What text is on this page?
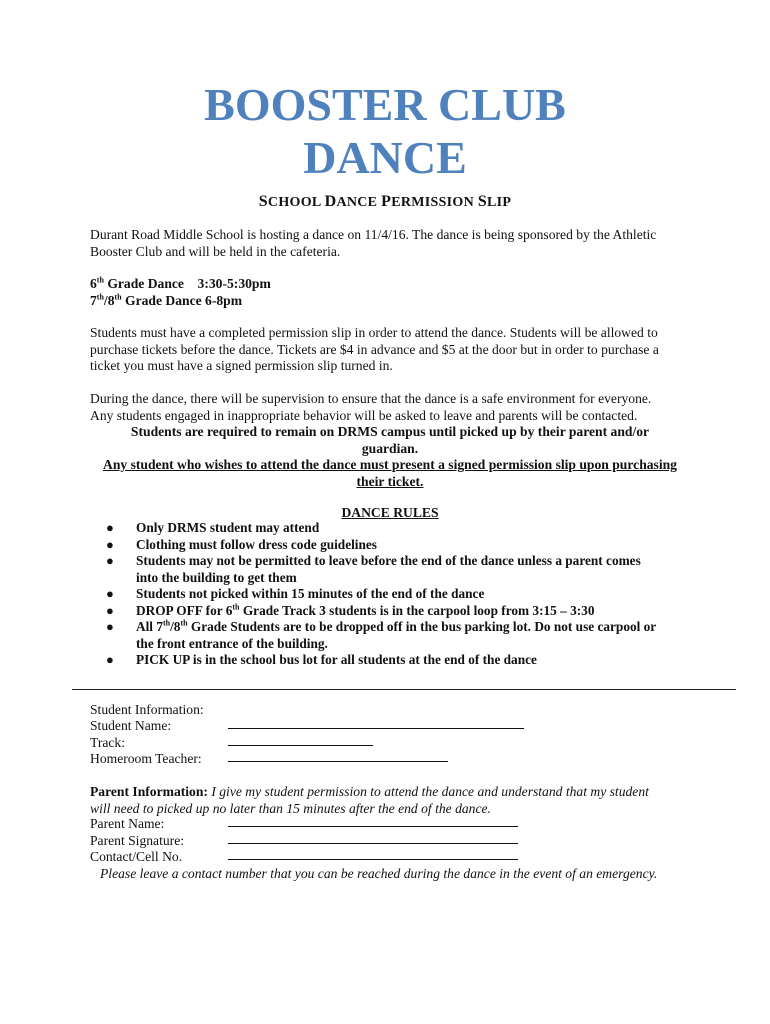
BOOSTER CLUB
DANCE
SCHOOL DANCE PERMISSION SLIP
Durant Road Middle School is hosting a dance on 11/4/16. The dance is being sponsored by the Athletic
Booster Club and will be held in the cafeteria.
6th Grade Dance    3:30-5:30pm
7th/8th Grade Dance 6-8pm
Students must have a completed permission slip in order to attend the dance. Students will be allowed to
purchase tickets before the dance. Tickets are $4 in advance and $5 at the door but in order to purchase a
ticket you must have a signed permission slip turned in.
During the dance, there will be supervision to ensure that the dance is a safe environment for everyone.
Any students engaged in inappropriate behavior will be asked to leave and parents will be contacted.
Students are required to remain on DRMS campus until picked up by their parent and/or
guardian.
Any student who wishes to attend the dance must present a signed permission slip upon purchasing
their ticket.
DANCE RULES
● Only DRMS student may attend
● Clothing must follow dress code guidelines
● Students may not be permitted to leave before the end of the dance unless a parent comes
into the building to get them
● Students not picked within 15 minutes of the end of the dance
● DROP OFF for 6th Grade Track 3 students is in the carpool loop from 3:15 – 3:30
● All 7th/8th Grade Students are to be dropped off in the bus parking lot. Do not use carpool or
the front entrance of the building.
● PICK UP is in the school bus lot for all students at the end of the dance
Student Information:
Student Name:
Track:
Homeroom Teacher:
Parent Information: I give my student permission to attend the dance and understand that my student
will need to picked up no later than 15 minutes after the end of the dance.
Parent Name:
Parent Signature:
Contact/Cell No.
Please leave a contact number that you can be reached during the dance in the event of an emergency.
